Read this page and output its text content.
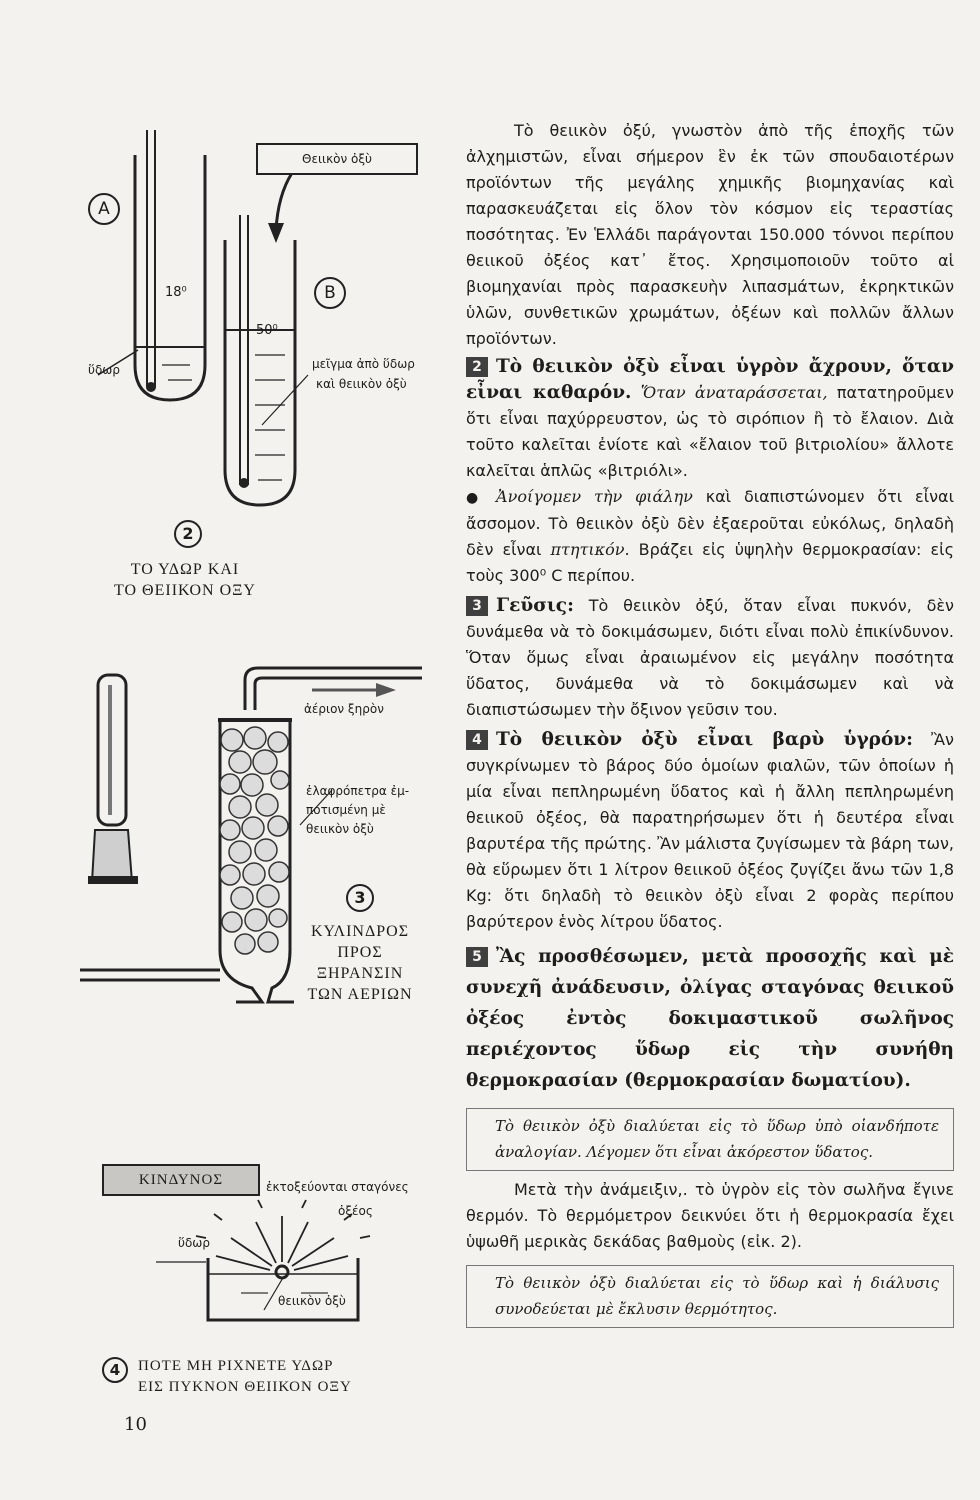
Θειικὸν ὀξὺ
A
B
18⁰
50⁰
ὕδωρ	μεῖγμα ἀπὸ ὕδωρ
καὶ θειικὸν ὀξὺ
2
ΤΟ ΥΔΩΡ ΚΑΙ
ΤΟ ΘΕΙΙΚΟΝ ΟΞΥ
ἀέριον ξηρὸν
ἐλαφρόπετρα ἐμ-
ποτισμένη μὲ
θειικὸν ὀξὺ
3
ΚΥΛΙΝΔΡΟΣ
ΠΡΟΣ
ΞΗΡΑΝΣΙΝ
ΤΩΝ ΑΕΡΙΩΝ
ΚΙΝΔΥΝΟΣ	ἐκτοξεύονται σταγόνες
ὀξέος
ὕδωρ
θειικὸν ὀξὺ
4	ΠΟΤΕ ΜΗ ΡΙΧΝΕΤΕ ΥΔΩΡ
ΕΙΣ ΠΥΚΝΟΝ ΘΕΙΙΚΟΝ ΟΞΥ

Τὸ θειικὸν ὀξύ, γνωστὸν ἀπὸ τῆς ἐποχῆς τῶν ἀλχημιστῶν, εἶναι σήμερον ἓν ἐκ τῶν σπουδαιοτέρων προϊόντων τῆς μεγάλης χημικῆς βιομηχανίας καὶ παρασκευάζεται εἰς ὅλον τὸν κόσμον εἰς τεραστίας ποσότητας. Ἐν Ἑλλάδι παράγονται 150.000 τόννοι περίπου θειικοῦ ὀξέος κατ᾽ ἔτος. Χρησιμοποιοῦν τοῦτο αἱ βιομηχανίαι πρὸς παρασκευὴν λιπασμάτων, ἐκρηκτικῶν ὑλῶν, συνθετικῶν χρωμάτων, ὀξέων καὶ πολλῶν ἄλλων προϊόντων.

2 Τὸ θειικὸν ὀξὺ εἶναι ὑγρὸν ἄχρουν, ὅταν εἶναι καθαρόν. Ὅταν ἀναταράσσεται, πατατηροῦμεν ὅτι εἶναι παχύρρευστον, ὡς τὸ σιρόπιον ἢ τὸ ἔλαιον. Διὰ τοῦτο καλεῖται ἐνίοτε καὶ «ἔλαιον τοῦ βιτριολίου» ἄλλοτε καλεῖται ἁπλῶς «βιτριόλι».

● Ἀνοίγομεν τὴν φιάλην καὶ διαπιστώνομεν ὅτι εἶναι ἄσσομον. Τὸ θειικὸν ὀξὺ δὲν ἐξαεροῦται εὐκόλως, δηλαδὴ δὲν εἶναι πτητικόν. Βράζει εἰς ὑψηλὴν θερμοκρασίαν: εἰς τοὺς 300⁰ C περίπου.

3 Γεῦσις: Τὸ θειικὸν ὀξύ, ὅταν εἶναι πυκνόν, δὲν δυνάμεθα νὰ τὸ δοκιμάσωμεν, διότι εἶναι πολὺ ἐπικίνδυνον. Ὅταν ὅμως εἶναι ἀραιωμένον εἰς μεγάλην ποσότητα ὕδατος, δυνάμεθα νὰ τὸ δοκιμάσωμεν καὶ νὰ διαπιστώσωμεν τὴν ὄξινον γεῦσιν του.

4 Τὸ θειικὸν ὀξὺ εἶναι βαρὺ ὑγρόν: Ἂν συγκρίνωμεν τὸ βάρος δύο ὁμοίων φιαλῶν, τῶν ὁποίων ἡ μία εἶναι πεπληρωμένη ὕδατος καὶ ἡ ἄλλη πεπληρωμένη θειικοῦ ὀξέος, θὰ παρατηρήσωμεν ὅτι ἡ δευτέρα εἶναι βαρυτέρα τῆς πρώτης. Ἂν μάλιστα ζυγίσωμεν τὰ βάρη των, θὰ εὕρωμεν ὅτι 1 λίτρον θειικοῦ ὀξέος ζυγίζει ἄνω τῶν 1,8 Kg: ὅτι δηλαδὴ τὸ θειικὸν ὀξὺ εἶναι 2 φορὰς περίπου βαρύτερον ἑνὸς λίτρου ὕδατος.

5 Ἂς προσθέσωμεν, μετὰ προσοχῆς καὶ μὲ συνεχῆ ἀνάδευσιν, ὀλίγας σταγόνας θειικοῦ ὀξέος ἐντὸς δοκιμαστικοῦ σωλῆνος περιέχοντος ὕδωρ εἰς τὴν συνήθη θερμοκρασίαν (θερμοκρασίαν δωματίου).

Τὸ θειικὸν ὀξὺ διαλύεται εἰς τὸ ὕδωρ ὑπὸ οἱανδήποτε ἀναλογίαν. Λέγομεν ὅτι εἶναι ἀκόρεστον ὕδατος.

Μετὰ τὴν ἀνάμειξιν,. τὸ ὑγρὸν εἰς τὸν σωλῆνα ἔγινε θερμόν. Τὸ θερμόμετρον δεικνύει ὅτι ἡ θερμοκρασία ἔχει ὑψωθῆ μερικὰς δεκάδας βαθμοὺς (εἰκ. 2).

Τὸ θειικὸν ὀξὺ διαλύεται εἰς τὸ ὕδωρ καὶ ἡ διάλυσις συνοδεύεται μὲ ἔκλυσιν θερμότητος.
10
